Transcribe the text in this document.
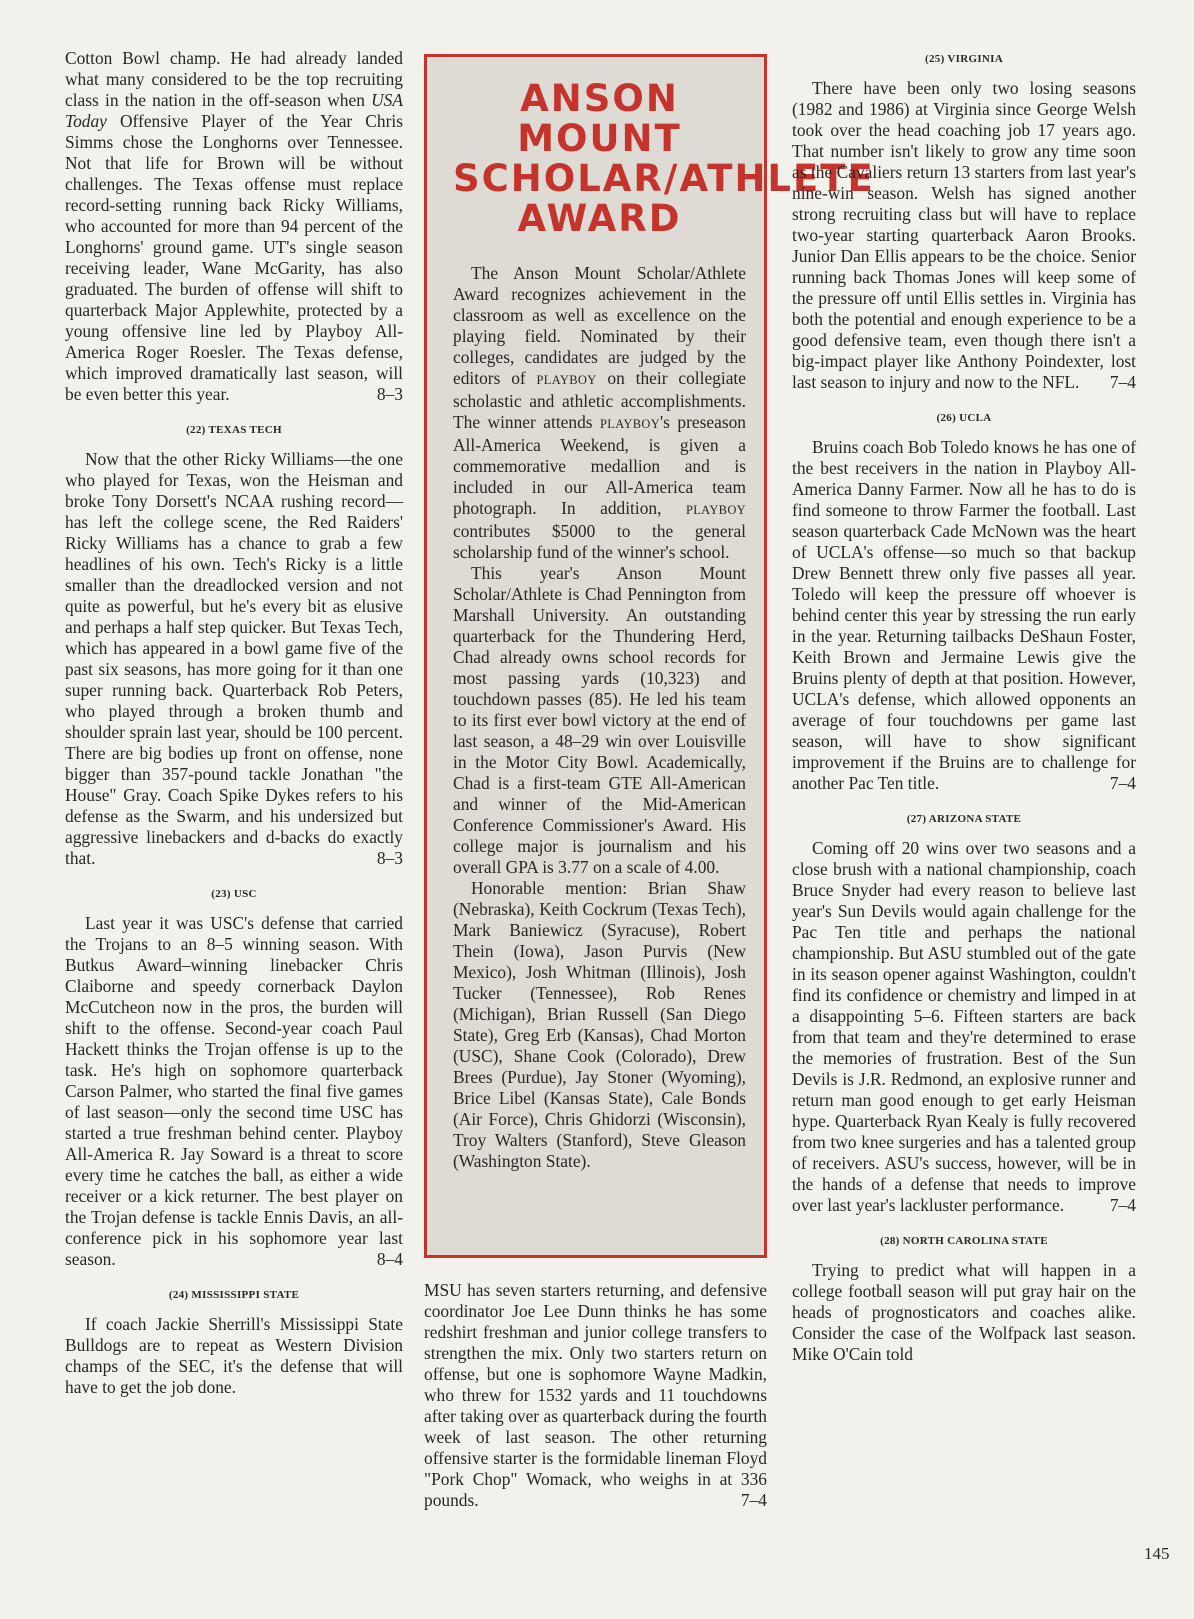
Cotton Bowl champ. He had already landed what many considered to be the top recruiting class in the nation in the off-season when USA Today Offensive Player of the Year Chris Simms chose the Longhorns over Tennessee. Not that life for Brown will be without challenges. The Texas offense must replace record-setting running back Ricky Williams, who accounted for more than 94 percent of the Longhorns' ground game. UT's single season receiving leader, Wane McGarity, has also graduated. The burden of offense will shift to quarterback Major Applewhite, protected by a young offensive line led by Playboy All-America Roger Roesler. The Texas defense, which improved dramatically last season, will be even better this year.	8–3

(22) TEXAS TECH

Now that the other Ricky Williams—the one who played for Texas, won the Heisman and broke Tony Dorsett's NCAA rushing record—has left the college scene, the Red Raiders' Ricky Williams has a chance to grab a few headlines of his own. Tech's Ricky is a little smaller than the dreadlocked version and not quite as powerful, but he's every bit as elusive and perhaps a half step quicker. But Texas Tech, which has appeared in a bowl game five of the past six seasons, has more going for it than one super running back. Quarterback Rob Peters, who played through a broken thumb and shoulder sprain last year, should be 100 percent. There are big bodies up front on offense, none bigger than 357-pound tackle Jonathan "the House" Gray. Coach Spike Dykes refers to his defense as the Swarm, and his undersized but aggressive linebackers and d-backs do exactly that.	8–3

(23) USC

Last year it was USC's defense that carried the Trojans to an 8–5 winning season. With Butkus Award–winning linebacker Chris Claiborne and speedy cornerback Daylon McCutcheon now in the pros, the burden will shift to the offense. Second-year coach Paul Hackett thinks the Trojan offense is up to the task. He's high on sophomore quarterback Carson Palmer, who started the final five games of last season—only the second time USC has started a true freshman behind center. Playboy All-America R. Jay Soward is a threat to score every time he catches the ball, as either a wide receiver or a kick returner. The best player on the Trojan defense is tackle Ennis Davis, an all-conference pick in his sophomore year last season.	8–4

(24) MISSISSIPPI STATE

If coach Jackie Sherrill's Mississippi State Bulldogs are to repeat as Western Division champs of the SEC, it's the defense that will have to get the job done.

ANSON MOUNT
SCHOLAR/ATHLETE
AWARD

The Anson Mount Scholar/Athlete Award recognizes achievement in the classroom as well as excellence on the playing field. Nominated by their colleges, candidates are judged by the editors of PLAYBOY on their collegiate scholastic and athletic accomplishments. The winner attends PLAYBOY's preseason All-America Weekend, is given a commemorative medallion and is included in our All-America team photograph. In addition, PLAYBOY contributes $5000 to the general scholarship fund of the winner's school.

This year's Anson Mount Scholar/Athlete is Chad Pennington from Marshall University. An outstanding quarterback for the Thundering Herd, Chad already owns school records for most passing yards (10,323) and touchdown passes (85). He led his team to its first ever bowl victory at the end of last season, a 48–29 win over Louisville in the Motor City Bowl. Academically, Chad is a first-team GTE All-American and winner of the Mid-American Conference Commissioner's Award. His college major is journalism and his overall GPA is 3.77 on a scale of 4.00.

Honorable mention: Brian Shaw (Nebraska), Keith Cockrum (Texas Tech), Mark Baniewicz (Syracuse), Robert Thein (Iowa), Jason Purvis (New Mexico), Josh Whitman (Illinois), Josh Tucker (Tennessee), Rob Renes (Michigan), Brian Russell (San Diego State), Greg Erb (Kansas), Chad Morton (USC), Shane Cook (Colorado), Drew Brees (Purdue), Jay Stoner (Wyoming), Brice Libel (Kansas State), Cale Bonds (Air Force), Chris Ghidorzi (Wisconsin), Troy Walters (Stanford), Steve Gleason (Washington State).

MSU has seven starters returning, and defensive coordinator Joe Lee Dunn thinks he has some redshirt freshman and junior college transfers to strengthen the mix. Only two starters return on offense, but one is sophomore Wayne Madkin, who threw for 1532 yards and 11 touchdowns after taking over as quarterback during the fourth week of last season. The other returning offensive starter is the formidable lineman Floyd "Pork Chop" Womack, who weighs in at 336 pounds.	7–4

(25) VIRGINIA

There have been only two losing seasons (1982 and 1986) at Virginia since George Welsh took over the head coaching job 17 years ago. That number isn't likely to grow any time soon as the Cavaliers return 13 starters from last year's nine-win season. Welsh has signed another strong recruiting class but will have to replace two-year starting quarterback Aaron Brooks. Junior Dan Ellis appears to be the choice. Senior running back Thomas Jones will keep some of the pressure off until Ellis settles in. Virginia has both the potential and enough experience to be a good defensive team, even though there isn't a big-impact player like Anthony Poindexter, lost last season to injury and now to the NFL.	7–4

(26) UCLA

Bruins coach Bob Toledo knows he has one of the best receivers in the nation in Playboy All-America Danny Farmer. Now all he has to do is find someone to throw Farmer the football. Last season quarterback Cade McNown was the heart of UCLA's offense—so much so that backup Drew Bennett threw only five passes all year. Toledo will keep the pressure off whoever is behind center this year by stressing the run early in the year. Returning tailbacks DeShaun Foster, Keith Brown and Jermaine Lewis give the Bruins plenty of depth at that position. However, UCLA's defense, which allowed opponents an average of four touchdowns per game last season, will have to show significant improvement if the Bruins are to challenge for another Pac Ten title.	7–4

(27) ARIZONA STATE

Coming off 20 wins over two seasons and a close brush with a national championship, coach Bruce Snyder had every reason to believe last year's Sun Devils would again challenge for the Pac Ten title and perhaps the national championship. But ASU stumbled out of the gate in its season opener against Washington, couldn't find its confidence or chemistry and limped in at a disappointing 5–6. Fifteen starters are back from that team and they're determined to erase the memories of frustration. Best of the Sun Devils is J.R. Redmond, an explosive runner and return man good enough to get early Heisman hype. Quarterback Ryan Kealy is fully recovered from two knee surgeries and has a talented group of receivers. ASU's success, however, will be in the hands of a defense that needs to improve over last year's lackluster performance.	7–4

(28) NORTH CAROLINA STATE

Trying to predict what will happen in a college football season will put gray hair on the heads of prognosticators and coaches alike. Consider the case of the Wolfpack last season. Mike O'Cain told

145
